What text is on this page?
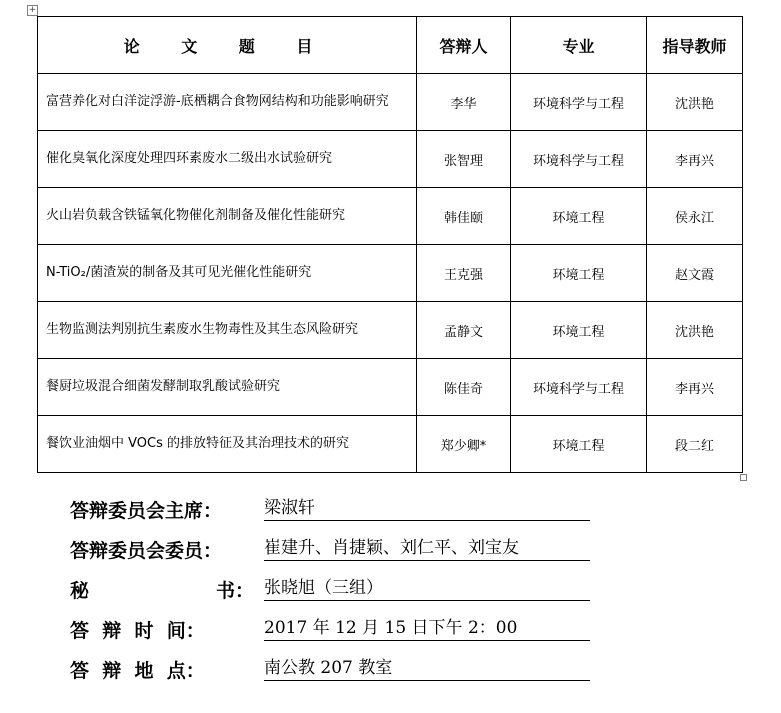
+
论 文 题 目	答辩人	专业	指导教师
富营养化对白洋淀浮游-底栖耦合食物网结构和功能影响研究	李华	环境科学与工程	沈洪艳
催化臭氧化深度处理四环素废水二级出水试验研究	张智理	环境科学与工程	李再兴
火山岩负载含铁锰氧化物催化剂制备及催化性能研究	韩佳颐	环境工程	侯永江
N-TiO₂/菌渣炭的制备及其可见光催化性能研究	王克强	环境工程	赵文霞
生物监测法判别抗生素废水生物毒性及其生态风险研究	孟静文	环境工程	沈洪艳
餐厨垃圾混合细菌发酵制取乳酸试验研究	陈佳奇	环境科学与工程	李再兴
餐饮业油烟中 VOCs 的排放特征及其治理技术的研究	郑少卿*	环境工程	段二红
答辩委员会主席： 梁淑轩
答辩委员会委员： 崔建升、肖捷颖、刘仁平、刘宝友
秘	书： 张晓旭（三组）
答  辩  时  间：	2017 年 12 月 15 日下午 2：00
答  辩  地  点：	南公教 207 教室
